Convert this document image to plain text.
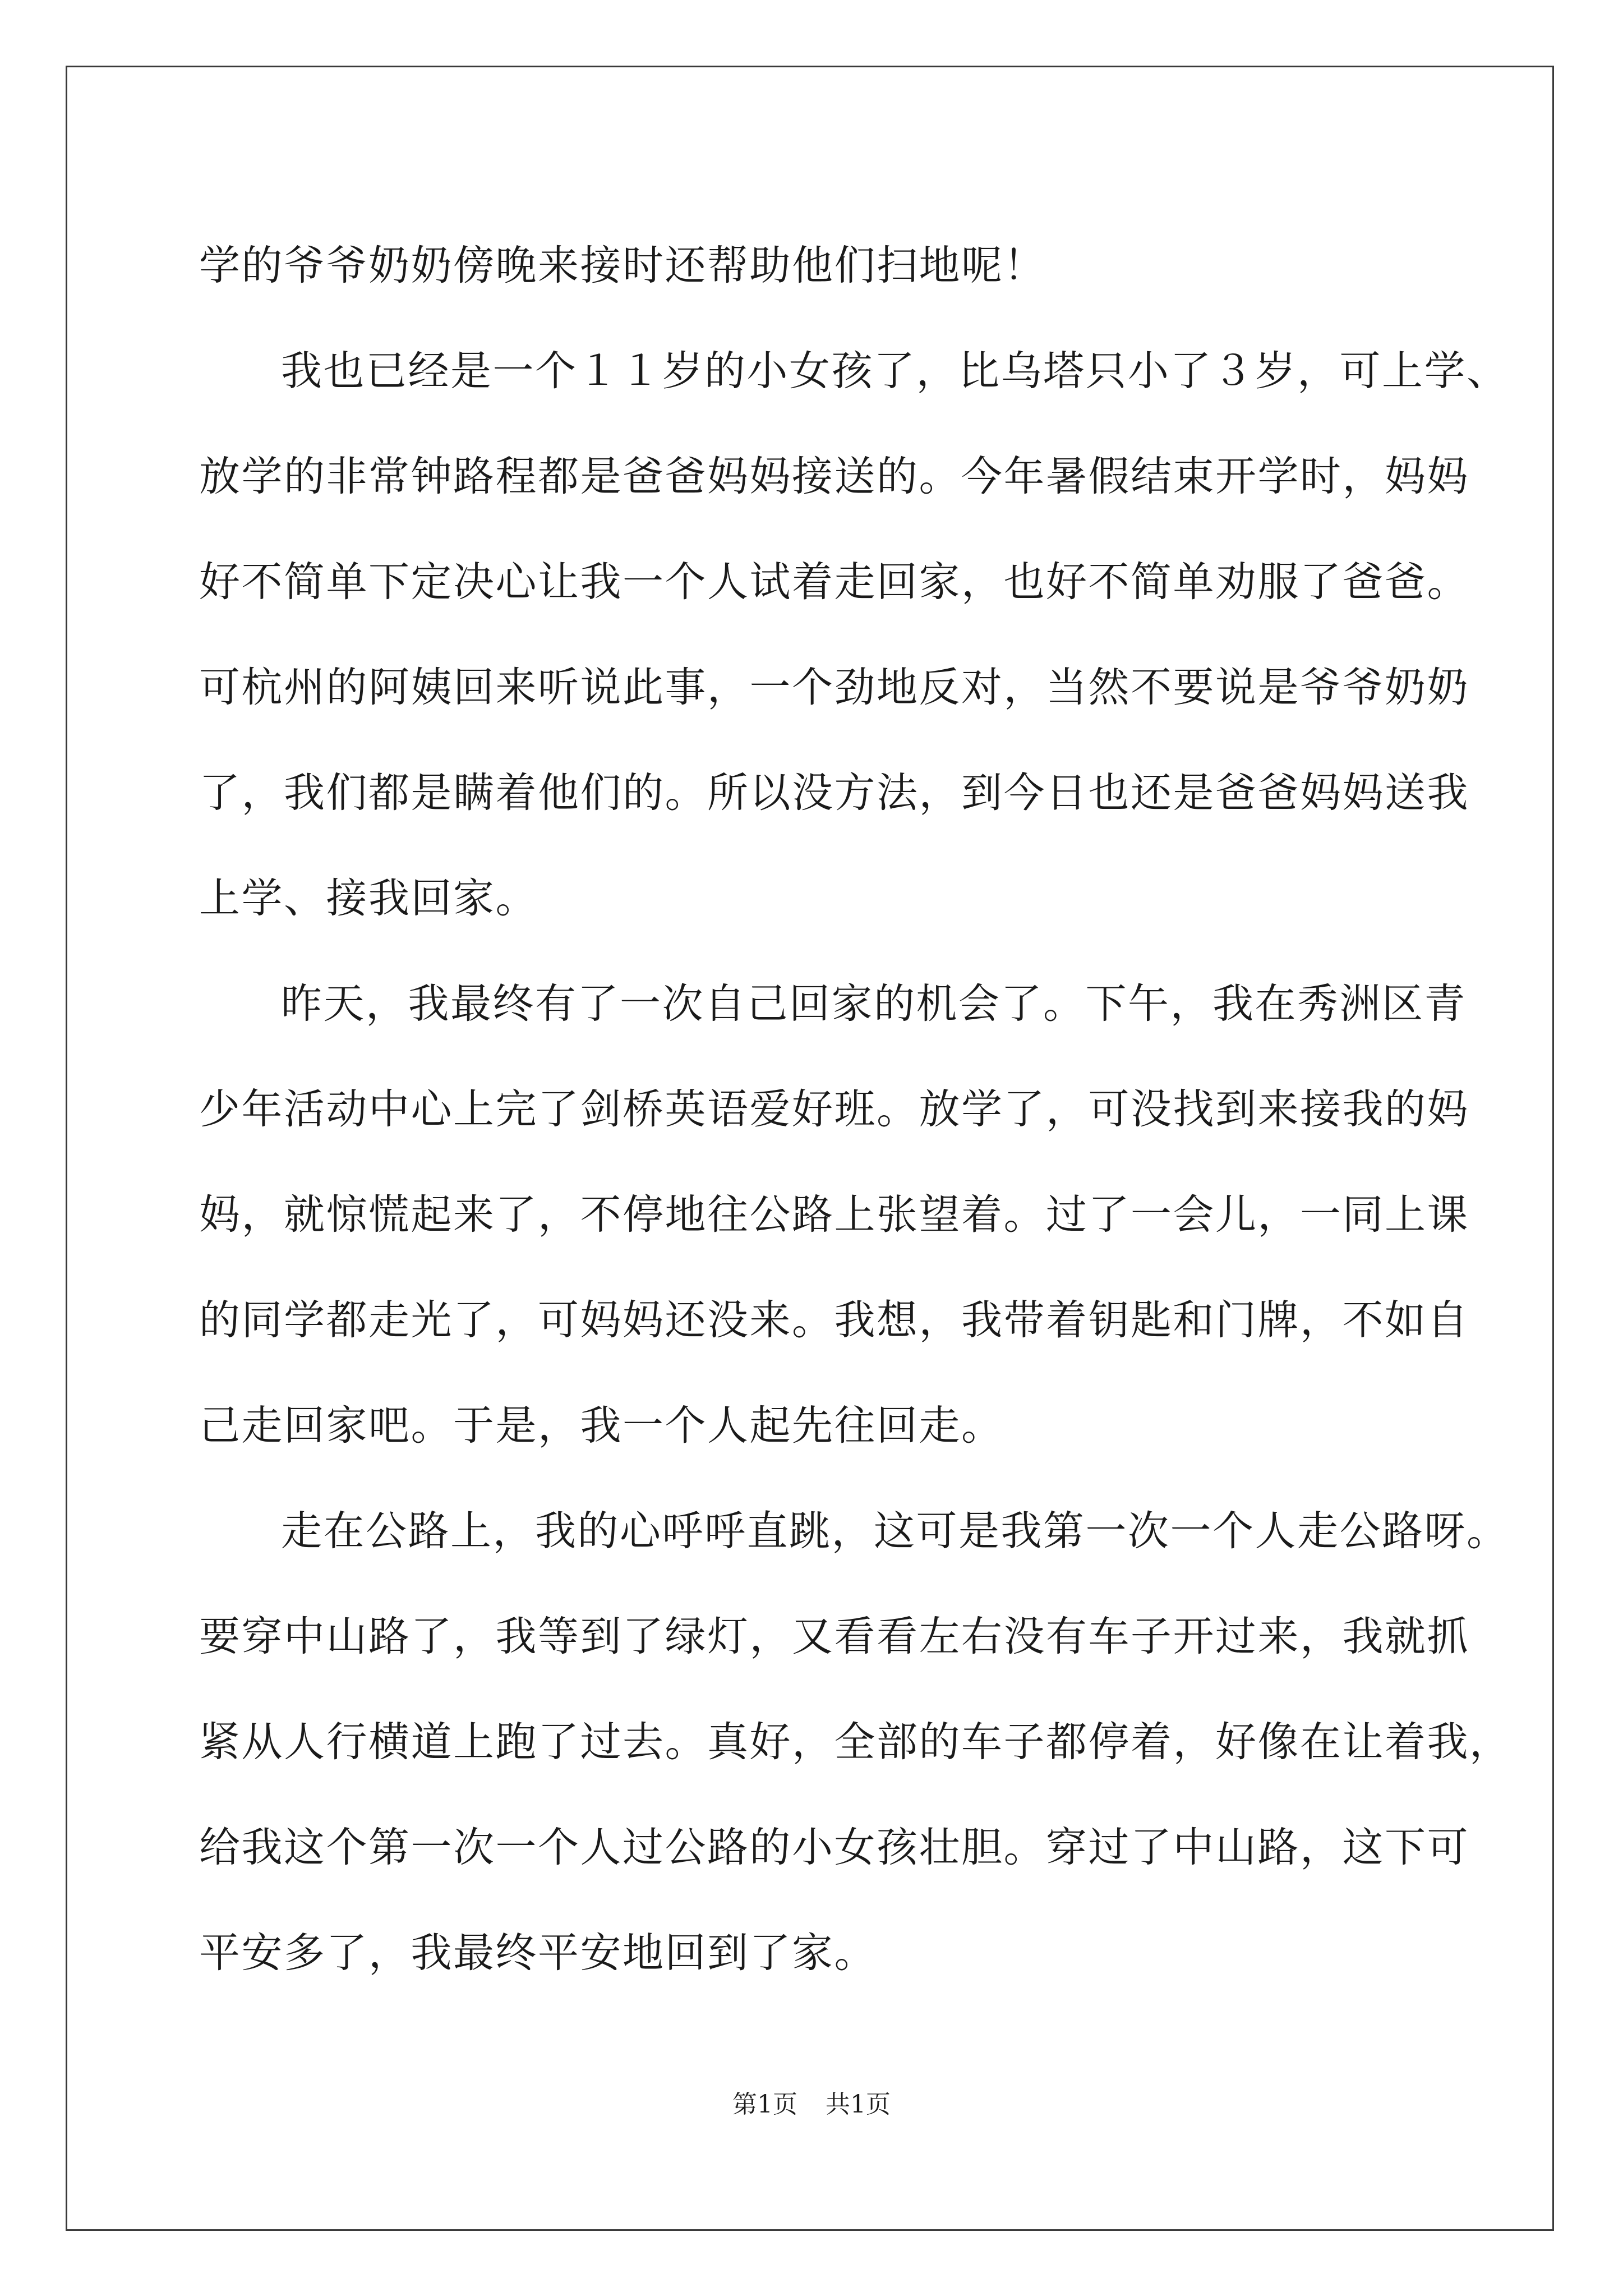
学的爷爷奶奶傍晚来接时还帮助他们扫地呢！
我也已经是一个１１岁的小女孩了，比乌塔只小了３岁，可上学、
放学的非常钟路程都是爸爸妈妈接送的。今年暑假结束开学时，妈妈
好不简单下定决心让我一个人试着走回家，也好不简单劝服了爸爸。
可杭州的阿姨回来听说此事，一个劲地反对，当然不要说是爷爷奶奶
了，我们都是瞒着他们的。所以没方法，到今日也还是爸爸妈妈送我
上学、接我回家。
昨天，我最终有了一次自己回家的机会了。下午，我在秀洲区青
少年活动中心上完了剑桥英语爱好班。放学了，可没找到来接我的妈
妈，就惊慌起来了，不停地往公路上张望着。过了一会儿，一同上课
的同学都走光了，可妈妈还没来。我想，我带着钥匙和门牌，不如自
己走回家吧。于是，我一个人起先往回走。
走在公路上，我的心呼呼直跳，这可是我第一次一个人走公路呀。
要穿中山路了，我等到了绿灯，又看看左右没有车子开过来，我就抓
紧从人行横道上跑了过去。真好，全部的车子都停着，好像在让着我，
给我这个第一次一个人过公路的小女孩壮胆。穿过了中山路，这下可
平安多了，我最终平安地回到了家。
第1页 共1页
